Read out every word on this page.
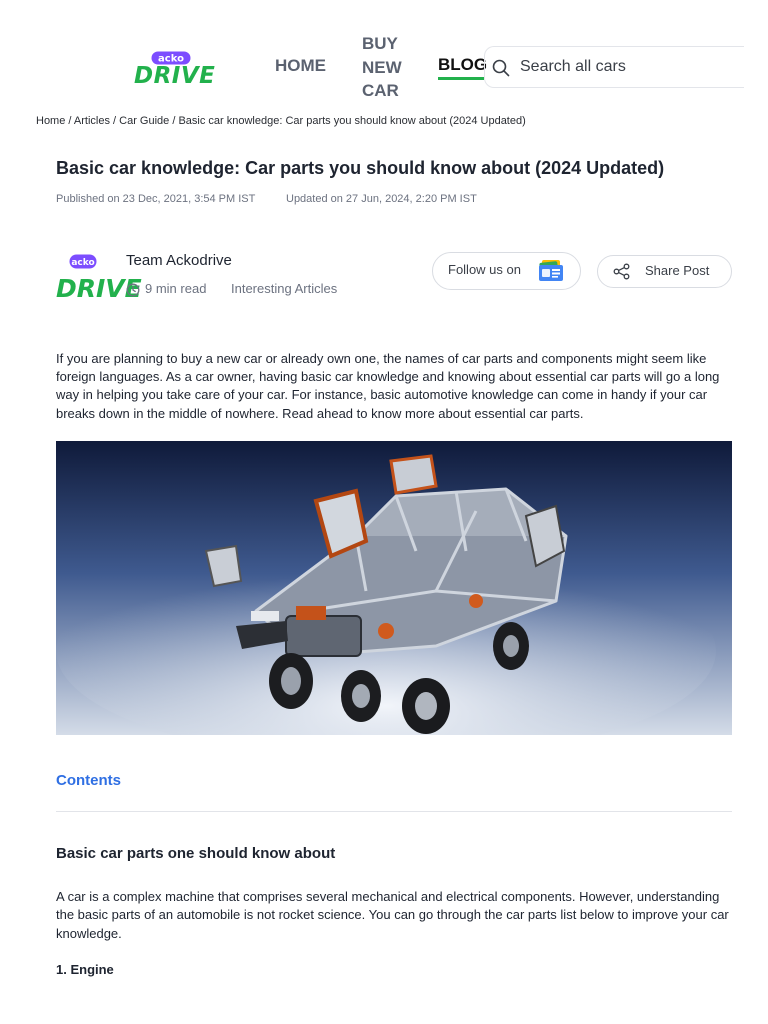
acko
DRIVE	HOME
BUY NEW CAR
BLOG Search all cars
Home / Articles / Car Guide / Basic car knowledge: Car parts you should know about (2024 Updated)
Basic car knowledge: Car parts you should know about (2024 Updated)
Published on 23 Dec, 2021, 3:54 PM IST	Updated on 27 Jun, 2024, 2:20 PM IST
acko
DRIVE
Team Ackodrive
9 min read Interesting Articles
Follow us on	Share Post
If you are planning to buy a new car or already own one, the names of car parts and components might seem like foreign languages. As a car owner, having basic car knowledge and knowing about essential car parts will go a long way in helping you take care of your car. For instance, basic automotive knowledge can come in handy if your car breaks down in the middle of nowhere. Read ahead to know more about essential car parts.
Contents
Basic car parts one should know about
A car is a complex machine that comprises several mechanical and electrical components. However, understanding the basic parts of an automobile is not rocket science. You can go through the car parts list below to improve your car knowledge.
1. Engine
